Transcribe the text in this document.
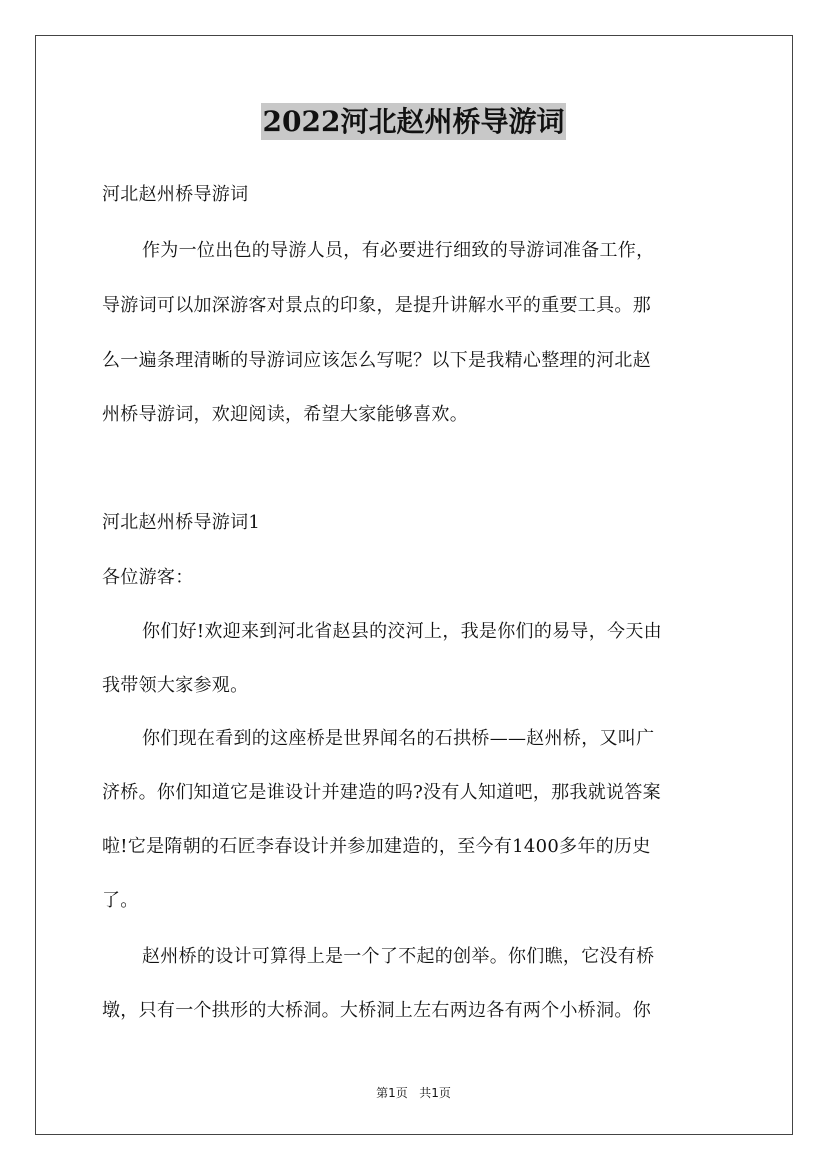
2022河北赵州桥导游词
河北赵州桥导游词
作为一位出色的导游人员，有必要进行细致的导游词准备工作，
导游词可以加深游客对景点的印象，是提升讲解水平的重要工具。那
么一遍条理清晰的导游词应该怎么写呢？以下是我精心整理的河北赵
州桥导游词，欢迎阅读，希望大家能够喜欢。
河北赵州桥导游词1
各位游客：
你们好!欢迎来到河北省赵县的洨河上，我是你们的易导，今天由
我带领大家参观。
你们现在看到的这座桥是世界闻名的石拱桥——赵州桥，又叫广
济桥。你们知道它是谁设计并建造的吗?没有人知道吧，那我就说答案
啦!它是隋朝的石匠李春设计并参加建造的，至今有1400多年的历史
了。
赵州桥的设计可算得上是一个了不起的创举。你们瞧，它没有桥
墩，只有一个拱形的大桥洞。大桥洞上左右两边各有两个小桥洞。你
第1页 共1页
